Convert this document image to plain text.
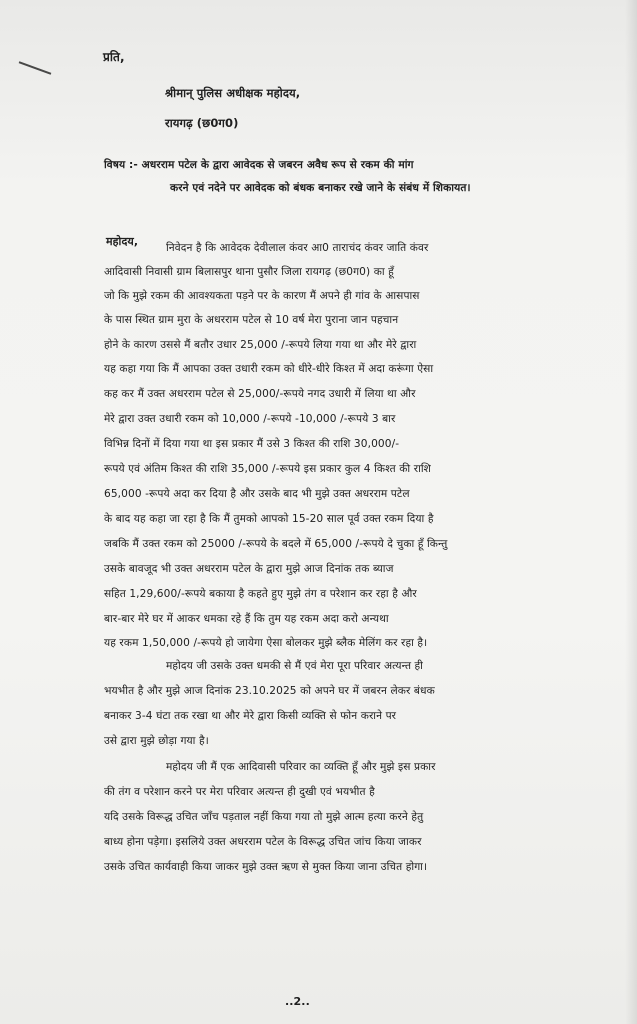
प्रति,
श्रीमान् पुलिस अधीक्षक महोदय,
रायगढ़ (छ0ग0)
विषय :- अधरराम पटेल के द्वारा आवेदक से जबरन अवैध रूप से रकम की मांग
करने एवं नदेने पर आवेदक को बंधक बनाकर रखे जाने के संबंध में शिकायत।
महोदय,	निवेदन है कि आवेदक देवीलाल कंवर आ0 ताराचंद कंवर जाति कंवर
आदिवासी निवासी ग्राम बिलासपुर थाना पुसौर जिला रायगढ़ (छ0ग0) का हूँ
जो कि मुझे रकम की आवश्यकता पड़ने पर के कारण मैं अपने ही गांव के आसपास
के पास स्थित ग्राम मुरा के अधरराम पटेल से 10 वर्ष मेरा पुराना जान पहचान
होने के कारण उससे मैं बतौर उधार 25,000 /-रूपये लिया गया था और मेरे द्वारा
यह कहा गया कि मैं आपका उक्त उधारी रकम को धीरे-धीरे किश्त में अदा करूंगा ऐसा
कह कर मैं उक्त अधरराम पटेल से 25,000/-रूपये नगद उधारी में लिया था और
मेरे द्वारा उक्त उधारी रकम को 10,000 /-रूपये -10,000 /-रूपये 3 बार
विभिन्न दिनों में दिया गया था इस प्रकार मैं उसे 3 किश्त की राशि 30,000/-
रूपये एवं अंतिम किश्त की राशि 35,000 /-रूपये इस प्रकार कुल 4 किश्त की राशि
65,000 -रूपये अदा कर दिया है और उसके बाद भी मुझे उक्त अधरराम पटेल
के बाद यह कहा जा रहा है कि मैं तुमको आपको 15-20 साल पूर्व उक्त रकम दिया है
जबकि मैं उक्त रकम को 25000 /-रूपये के बदले में 65,000 /-रूपये दे चुका हूँ किन्तु
उसके बावजूद भी उक्त अधरराम पटेल के द्वारा मुझे आज दिनांक तक ब्याज
सहित 1,29,600/-रूपये बकाया है कहते हुए मुझे तंग व परेशान कर रहा है और
बार-बार मेरे घर में आकर धमका रहे हैं कि तुम यह रकम अदा करो अन्यथा
यह रकम 1,50,000 /-रूपये हो जायेगा ऐसा बोलकर मुझे ब्लैक मेलिंग कर रहा है।
महोदय जी उसके उक्त धमकी से मैं एवं मेरा पूरा परिवार अत्यन्त ही
भयभीत है और मुझे आज दिनांक 23.10.2025 को अपने घर में जबरन लेकर बंधक
बनाकर 3-4 घंटा तक रखा था और मेरे द्वारा किसी व्यक्ति से फोन कराने पर
उसे द्वारा मुझे छोड़ा गया है।
महोदय जी मैं एक आदिवासी परिवार का व्यक्ति हूँ और मुझे इस प्रकार
की तंग व परेशान करने पर मेरा परिवार अत्यन्त ही दुखी एवं भयभीत है
यदि उसके विरूद्ध उचित जाँच पड़ताल नहीं किया गया तो मुझे आत्म हत्या करने हेतु
बाध्य होना पड़ेगा। इसलिये उक्त अधरराम पटेल के विरूद्ध उचित जांच किया जाकर
उसके उचित कार्यवाही किया जाकर मुझे उक्त ऋण से मुक्त किया जाना उचित होगा।
..2..
